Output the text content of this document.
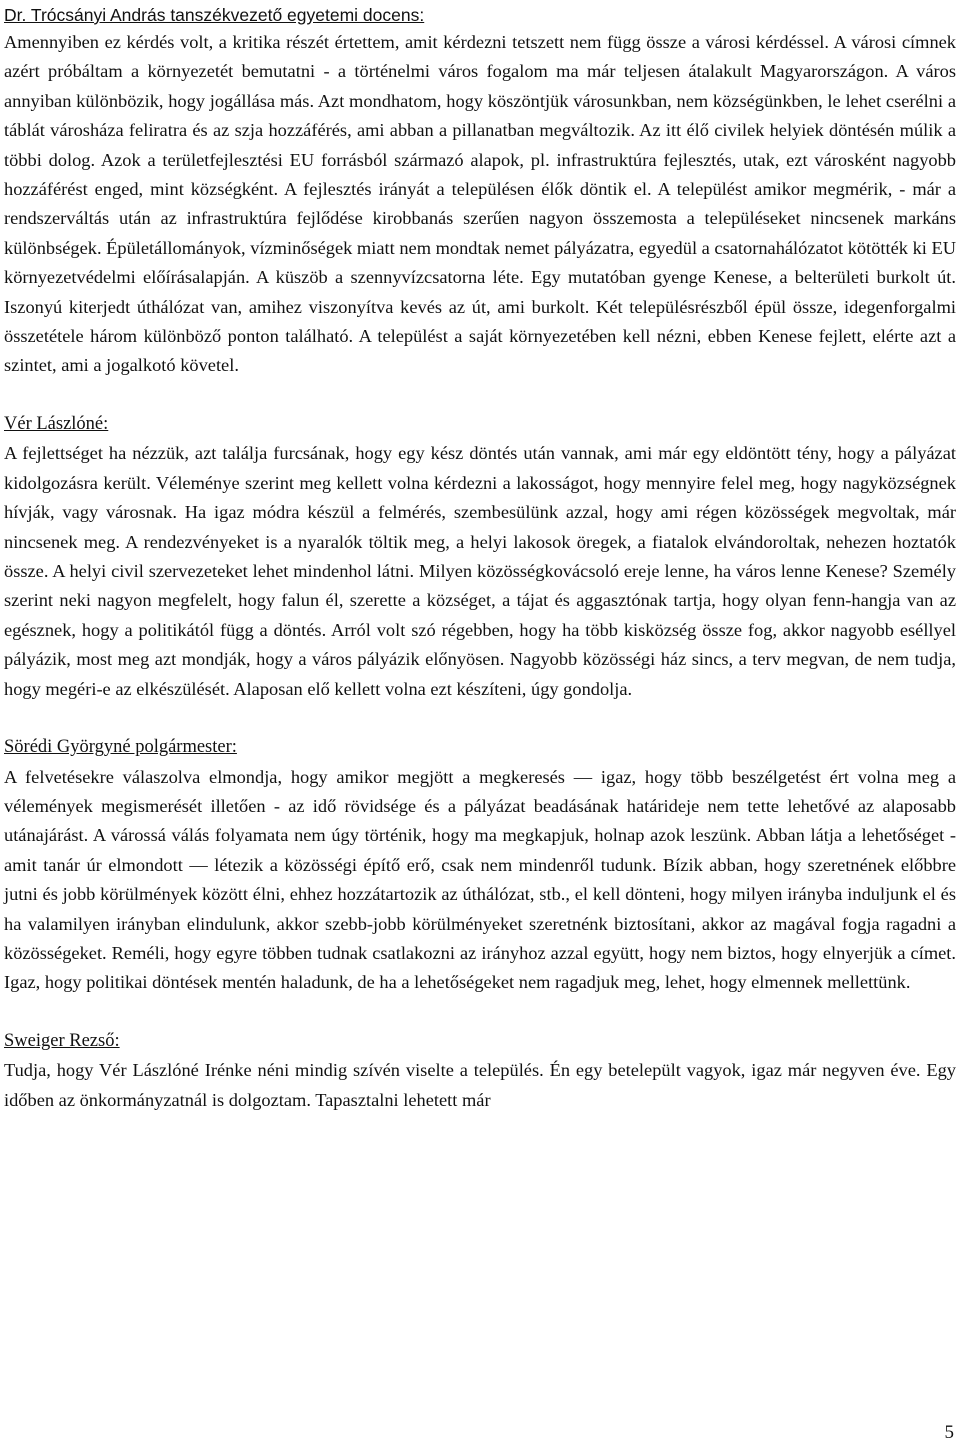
Dr. Trócsányi András tanszékvezető egyetemi docens:

Amennyiben ez kérdés volt, a kritika részét értettem, amit kérdezni tetszett nem függ össze a városi kérdéssel. A városi címnek azért próbáltam a környezetét bemutatni - a történelmi város fogalom ma már teljesen átalakult Magyarországon. A város annyiban különbözik, hogy jogállása más. Azt mondhatom, hogy köszöntjük városunkban, nem községünkben, le lehet cserélni a táblát városháza feliratra és az szja hozzáférés, ami abban a pillanatban megváltozik. Az itt élő civilek helyiek döntésén múlik a többi dolog. Azok a területfejlesztési EU forrásból származó alapok, pl. infrastruktúra fejlesztés, utak, ezt városként nagyobb hozzáférést enged, mint községként. A fejlesztés irányát a településen élők döntik el. A települést amikor megmérik, - már a rendszerváltás után az infrastruktúra fejlődése kirobbanás szerűen nagyon összemosta a településeket nincsenek markáns különbségek. Épületállományok, vízminőségek miatt nem mondtak nemet pályázatra, egyedül a csatornahálózatot kötötték ki EU környezetvédelmi előírásalapján. A küszöb a szennyvízcsatorna léte. Egy mutatóban gyenge Kenese, a belterületi burkolt út. Iszonyú kiterjedt úthálózat van, amihez viszonyítva kevés az út, ami burkolt. Két településrészből épül össze, idegenforgalmi összetétele három különböző ponton található. A települést a saját környezetében kell nézni, ebben Kenese fejlett, elérte azt a szintet, ami a jogalkotó követel.

Vér Lászlóné:

A fejlettséget ha nézzük, azt találja furcsának, hogy egy kész döntés után vannak, ami már egy eldöntött tény, hogy a pályázat kidolgozásra került. Véleménye szerint meg kellett volna kérdezni a lakosságot, hogy mennyire felel meg, hogy nagyközségnek hívják, vagy városnak. Ha igaz módra készül a felmérés, szembesülünk azzal, hogy ami régen közösségek megvoltak, már nincsenek meg. A rendezvényeket is a nyaralók töltik meg, a helyi lakosok öregek, a fiatalok elvándoroltak, nehezen hoztatók össze. A helyi civil szervezeteket lehet mindenhol látni. Milyen közösségkovácsoló ereje lenne, ha város lenne Kenese? Személy szerint neki nagyon megfelelt, hogy falun él, szerette a községet, a tájat és aggasztónak tartja, hogy olyan fenn-hangja van az egésznek, hogy a politikától függ a döntés. Arról volt szó régebben, hogy ha több kisközség össze fog, akkor nagyobb eséllyel pályázik, most meg azt mondják, hogy a város pályázik előnyösen. Nagyobb közösségi ház sincs, a terv megvan, de nem tudja, hogy megéri-e az elkészülését. Alaposan elő kellett volna ezt készíteni, úgy gondolja.

Sörédi Györgyné polgármester:

A felvetésekre válaszolva elmondja, hogy amikor megjött a megkeresés — igaz, hogy több beszélgetést ért volna meg a vélemények megismerését illetően - az idő rövidsége és a pályázat beadásának határideje nem tette lehetővé az alaposabb utánajárást. A várossá válás folyamata nem úgy történik, hogy ma megkapjuk, holnap azok leszünk. Abban látja a lehetőséget - amit tanár úr elmondott — létezik a közösségi építő erő, csak nem mindenről tudunk. Bízik abban, hogy szeretnének előbbre jutni és jobb körülmények között élni, ehhez hozzátartozik az úthálózat, stb., el kell dönteni, hogy milyen irányba induljunk el és ha valamilyen irányban elindulunk, akkor szebb-jobb körülményeket szeretnénk biztosítani, akkor az magával fogja ragadni a közösségeket. Reméli, hogy egyre többen tudnak csatlakozni az irányhoz azzal együtt, hogy nem biztos, hogy elnyerjük a címet. Igaz, hogy politikai döntések mentén haladunk, de ha a lehetőségeket nem ragadjuk meg, lehet, hogy elmennek mellettünk.

Sweiger Rezső:

Tudja, hogy Vér Lászlóné Irénke néni mindig szívén viselte a település. Én egy betelepült vagyok, igaz már negyven éve. Egy időben az önkormányzatnál is dolgoztam. Tapasztalni lehetett már

5
